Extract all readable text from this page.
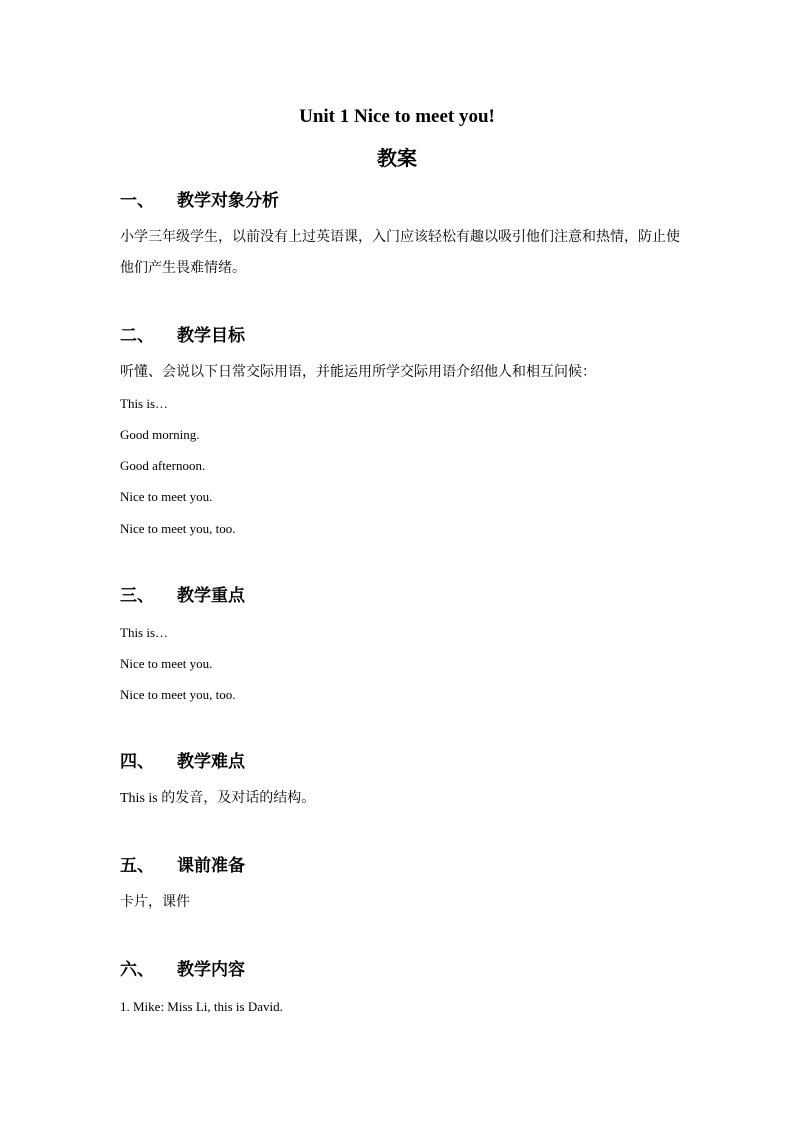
Unit 1 Nice to meet you!
教案
一、 教学对象分析
小学三年级学生，以前没有上过英语课，入门应该轻松有趣以吸引他们注意和热情，防止使他们产生畏难情绪。
二、 教学目标
听懂、会说以下日常交际用语，并能运用所学交际用语介绍他人和相互问候：
This is…
Good morning.
Good afternoon.
Nice to meet you.
Nice to meet you, too.
三、 教学重点
This is…
Nice to meet you.
Nice to meet you, too.
四、 教学难点
This is 的发音，及对话的结构。
五、 课前准备
卡片，课件
六、 教学内容
1. Mike: Miss Li, this is David.
